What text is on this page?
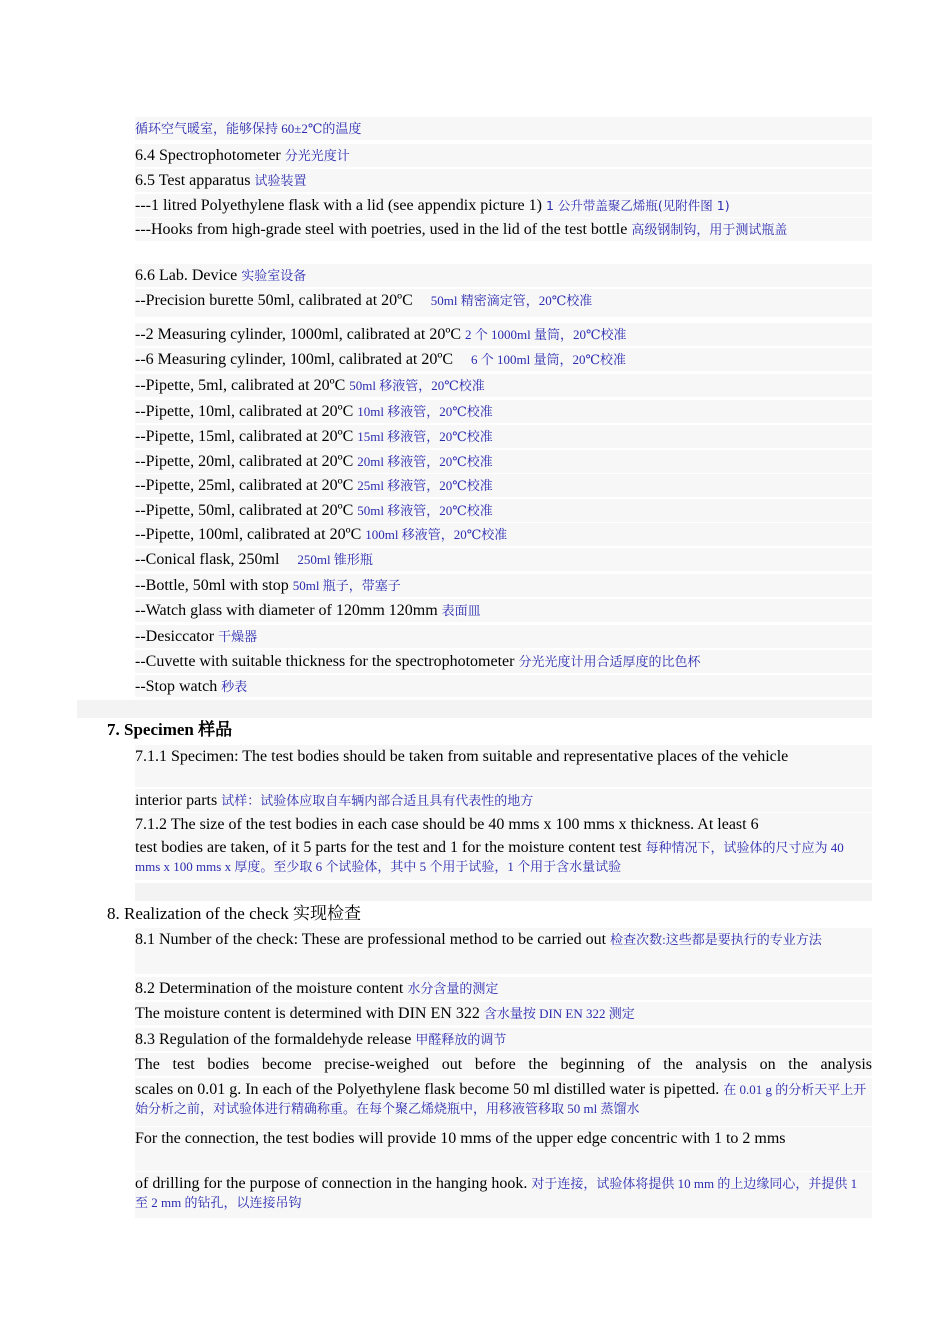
循环空气暖室，能够保持 60±2℃的温度
6.4 Spectrophotometer 分光光度计
6.5 Test apparatus 试验装置
---1 litred Polyethylene flask with a lid (see appendix picture 1) 1 公升带盖聚乙烯瓶(见附件图 1)
---Hooks from high-grade steel with poetries, used in the lid of the test bottle 高级钢制钩，用于测试瓶盖
6.6 Lab. Device 实验室设备
--Precision burette 50ml, calibrated at 20ºC 50ml 精密滴定管，20℃校准
--2 Measuring cylinder, 1000ml, calibrated at 20ºC 2 个 1000ml 量筒，20℃校准
--6 Measuring cylinder, 100ml, calibrated at 20ºC 6 个 100ml 量筒，20℃校准
--Pipette, 5ml, calibrated at 20ºC 50ml 移液管，20℃校准
--Pipette, 10ml, calibrated at 20ºC 10ml 移液管，20℃校准
--Pipette, 15ml, calibrated at 20ºC 15ml 移液管，20℃校准
--Pipette, 20ml, calibrated at 20ºC 20ml 移液管，20℃校准
--Pipette, 25ml, calibrated at 20ºC 25ml 移液管，20℃校准
--Pipette, 50ml, calibrated at 20ºC 50ml 移液管，20℃校准
--Pipette, 100ml, calibrated at 20ºC 100ml 移液管，20℃校准
--Conical flask, 250ml 250ml 锥形瓶
--Bottle, 50ml with stop 50ml 瓶子，带塞子
--Watch glass with diameter of 120mm 120mm 表面皿
--Desiccator 干燥器
--Cuvette with suitable thickness for the spectrophotometer 分光光度计用合适厚度的比色杯
--Stop watch 秒表
7. Specimen 样品
7.1.1 Specimen: The test bodies should be taken from suitable and representative places of the vehicle
interior parts 试样：试验体应取自车辆内部合适且具有代表性的地方
7.1.2 The size of the test bodies in each case should be 40 mms x 100 mms x thickness. At least 6
test bodies are taken, of it 5 parts for the test and 1 for the moisture content test 每种情况下，试验体的尺寸应为 40 mms x 100 mms x 厚度。至少取 6 个试验体，其中 5 个用于试验，1 个用于含水量试验
8. Realization of the check 实现检查
8.1 Number of the check: These are professional method to be carried out 检查次数:这些都是要执行的专业方法
8.2 Determination of the moisture content 水分含量的测定
The moisture content is determined with DIN EN 322 含水量按 DIN EN 322 测定
8.3 Regulation of the formaldehyde release 甲醛释放的调节
The test bodies become precise-weighed out before the beginning of the analysis on the analysis
scales on 0.01 g. In each of the Polyethylene flask become 50 ml distilled water is pipetted. 在 0.01 g 的分析天平上开始分析之前，对试验体进行精确称重。在每个聚乙烯烧瓶中，用移液管移取 50 ml 蒸馏水
For the connection, the test bodies will provide 10 mms of the upper edge concentric with 1 to 2 mms
of drilling for the purpose of connection in the hanging hook. 对于连接，试验体将提供 10 mm 的上边缘同心，并提供 1 至 2 mm 的钻孔，以连接吊钩
